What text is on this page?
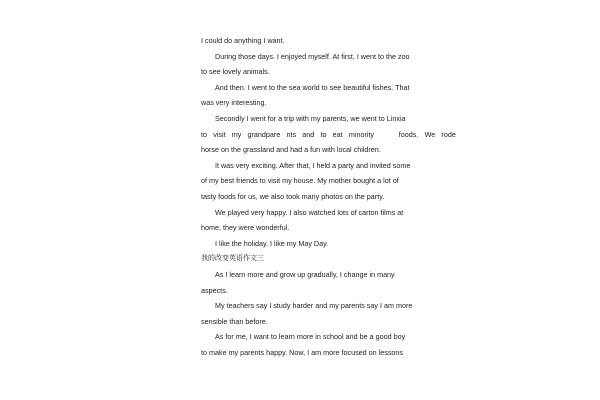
I could do anything I want.
During those days. I enjoyed myself. At first, I went to the zoo
to see lovely animals.
And then. I went to the sea world to see beautiful fishes. That
was very interesting.
Secondly I went for a trip with my parents, we went to Linxia
to visit my grandpare nts and to eat minority    foods. We rode
horse on the grassland and had a fun with local children.
It was very exciting. After that, I held a party and invited some
of my best friends to visit my house. My mother bought a lot of
tasty foods for us, we also took many photos on the party.
We played very happy. I also watched lots of carton films at
home, they were wonderful.
I like the holiday. I like my May Day.
我的改变英语作文三
As I learn more and grow up gradually, I change in many
aspects.
My teachers say I study harder and my parents say I am more
sensible than before.
As for me, I want to learn more in school and be a good boy
to make my parents happy. Now, I am more focused on lessons
